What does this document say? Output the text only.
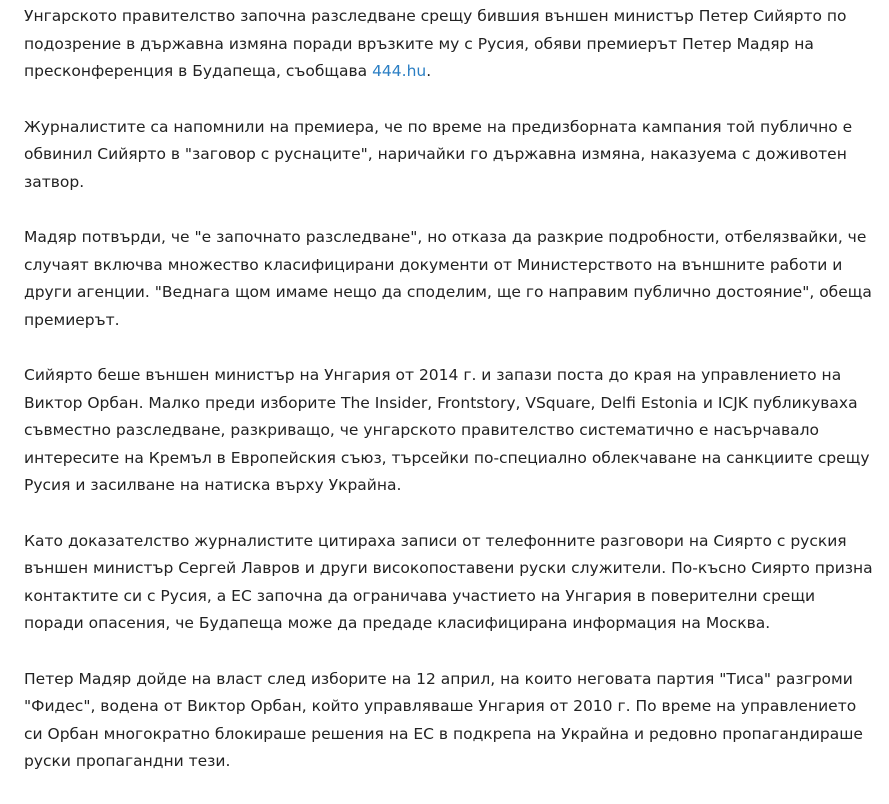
Унгарското правителство започна разследване срещу бившия външен министър Петер Сийярто по подозрение в държавна измяна поради връзките му с Русия, обяви премиерът Петер Мадяр на пресконференция в Будапеща, съобщава 444.hu.

Журналистите са напомнили на премиера, че по време на предизборната кампания той публично е обвинил Сийярто в "заговор с руснаците", наричайки го държавна измяна, наказуема с доживотен затвор.

Мадяр потвърди, че "е започнато разследване", но отказа да разкрие подробности, отбелязвайки, че случаят включва множество класифицирани документи от Министерството на външните работи и други агенции. "Веднага щом имаме нещо да споделим, ще го направим публично достояние", обеща премиерът.

Сийярто беше външен министър на Унгария от 2014 г. и запази поста до края на управлението на Виктор Орбан. Малко преди изборите The Insider, Frontstory, VSquare, Delfi Estonia и ICJK публикуваха съвместно разследване, разкриващо, че унгарското правителство систематично е насърчавало интересите на Кремъл в Европейския съюз, търсейки по-специално облекчаване на санкциите срещу Русия и засилване на натиска върху Украйна.

Като доказателство журналистите цитираха записи от телефонните разговори на Сиярто с руския външен министър Сергей Лавров и други високопоставени руски служители. По-късно Сиярто призна контактите си с Русия, а ЕС започна да ограничава участието на Унгария в поверителни срещи поради опасения, че Будапеща може да предаде класифицирана информация на Москва.

Петер Мадяр дойде на власт след изборите на 12 април, на които неговата партия "Тиса" разгроми "Фидес", водена от Виктор Орбан, който управляваше Унгария от 2010 г. По време на управлението си Орбан многократно блокираше решения на ЕС в подкрепа на Украйна и редовно пропагандираше руски пропагандни тези.
